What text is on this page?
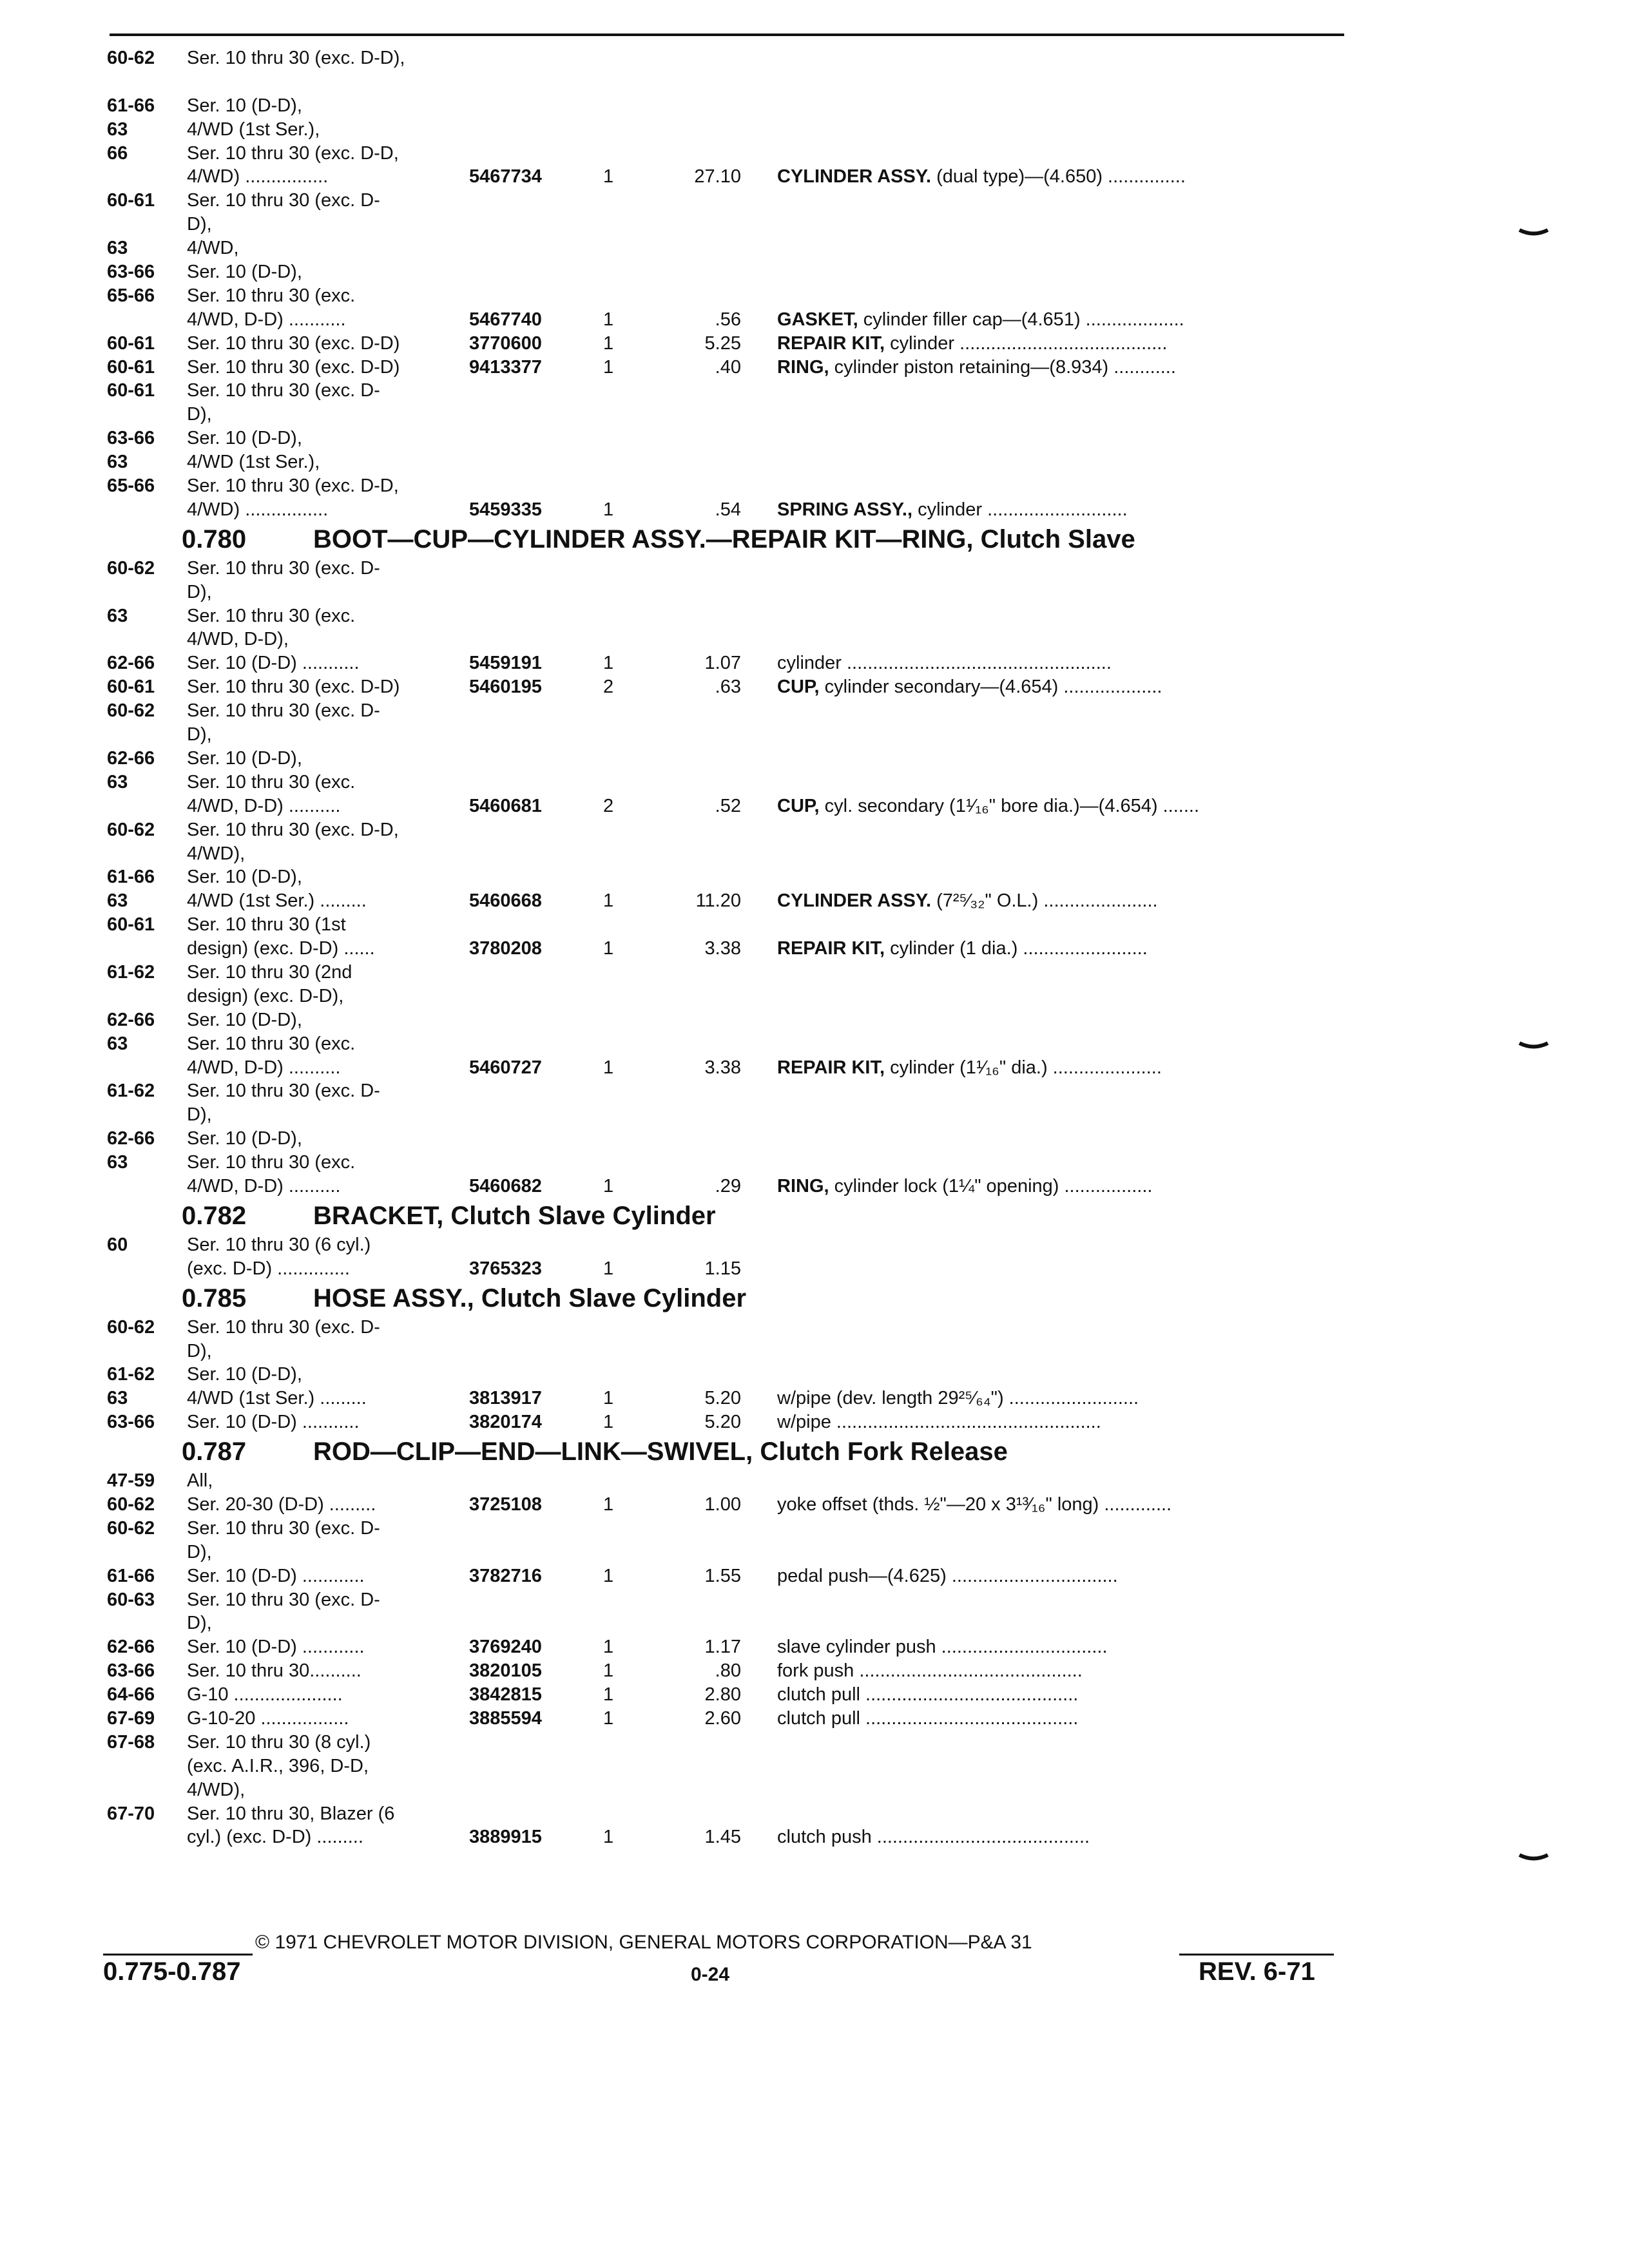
60-62 Ser. 10 thru 30 (exc. D-D),
61-66 Ser. 10 (D-D),
63	4/WD (1st Ser.),
66	Ser. 10 thru 30 (exc. D-D,
4/WD) ................	5467734	1	27.10 CYLINDER ASSY. (dual type)—(4.650) ...............
60-61 Ser. 10 thru 30 (exc. D-
D),
63	4/WD,
63-66 Ser. 10 (D-D),
65-66 Ser. 10 thru 30 (exc.
4/WD, D-D) ...........	5467740	1	.56 GASKET, cylinder filler cap—(4.651) ...................
60-61 Ser. 10 thru 30 (exc. D-D)	3770600	1	5.25 REPAIR KIT, cylinder ........................................
60-61 Ser. 10 thru 30 (exc. D-D)	9413377	1	.40 RING, cylinder piston retaining—(8.934) ............
60-61 Ser. 10 thru 30 (exc. D-
D),
63-66 Ser. 10 (D-D),
63	4/WD (1st Ser.),
65-66 Ser. 10 thru 30 (exc. D-D,
4/WD) ................	5459335	1	.54 SPRING ASSY., cylinder ...........................
0.780	BOOT—CUP—CYLINDER ASSY.—REPAIR KIT—RING, Clutch Slave
60-62 Ser. 10 thru 30 (exc. D-
D),
63	Ser. 10 thru 30 (exc.
4/WD, D-D),
62-66 Ser. 10 (D-D) ...........	5459191	1	1.07 cylinder ...................................................
60-61 Ser. 10 thru 30 (exc. D-D)	5460195	2	.63 CUP, cylinder secondary—(4.654) ...................
60-62 Ser. 10 thru 30 (exc. D-
D),
62-66 Ser. 10 (D-D),
63	Ser. 10 thru 30 (exc.
4/WD, D-D) ..........	5460681	2	.52 CUP, cyl. secondary (1¹⁄₁₆" bore dia.)—(4.654) .......
60-62 Ser. 10 thru 30 (exc. D-D,
4/WD),
61-66 Ser. 10 (D-D),
63	4/WD (1st Ser.) .........	5460668	1	11.20 CYLINDER ASSY. (7²⁵⁄₃₂" O.L.) ......................
60-61 Ser. 10 thru 30 (1st
design) (exc. D-D) ......	3780208	1	3.38 REPAIR KIT, cylinder (1 dia.) ........................
61-62 Ser. 10 thru 30 (2nd
design) (exc. D-D),
62-66 Ser. 10 (D-D),
63	Ser. 10 thru 30 (exc.
4/WD, D-D) ..........	5460727	1	3.38 REPAIR KIT, cylinder (1¹⁄₁₆" dia.) .....................
61-62 Ser. 10 thru 30 (exc. D-
D),
62-66 Ser. 10 (D-D),
63	Ser. 10 thru 30 (exc.
4/WD, D-D) ..........	5460682	1	.29 RING, cylinder lock (1¼" opening) .................
0.782	BRACKET, Clutch Slave Cylinder
60	Ser. 10 thru 30 (6 cyl.)
(exc. D-D) ..............	3765323	1	1.15
0.785	HOSE ASSY., Clutch Slave Cylinder
60-62 Ser. 10 thru 30 (exc. D-
D),
61-62 Ser. 10 (D-D),
63	4/WD (1st Ser.) .........	3813917	1	5.20 w/pipe (dev. length 29²⁵⁄₆₄") .........................
63-66 Ser. 10 (D-D) ...........	3820174	1	5.20 w/pipe ...................................................
0.787	ROD—CLIP—END—LINK—SWIVEL, Clutch Fork Release
47-59 All,
60-62 Ser. 20-30 (D-D) .........	3725108	1	1.00 yoke offset (thds. ½"—20 x 3¹³⁄₁₆" long) .............
60-62 Ser. 10 thru 30 (exc. D-
D),
61-66 Ser. 10 (D-D) ............	3782716	1	1.55 pedal push—(4.625) ................................
60-63 Ser. 10 thru 30 (exc. D-
D),
62-66 Ser. 10 (D-D) ............	3769240	1	1.17 slave cylinder push ................................
63-66 Ser. 10 thru 30..........	3820105	1	.80 fork push ...........................................
64-66 G-10 .....................	3842815	1	2.80 clutch pull .........................................
67-69 G-10-20 .................	3885594	1	2.60 clutch pull .........................................
67-68 Ser. 10 thru 30 (8 cyl.)
(exc. A.I.R., 396, D-D,
4/WD),
67-70 Ser. 10 thru 30, Blazer (6
cyl.) (exc. D-D) .........	3889915	1	1.45 clutch push .........................................
© 1971 CHEVROLET MOTOR DIVISION, GENERAL MOTORS CORPORATION—P&A 31
0.775-0.787	0-24	REV. 6-71
